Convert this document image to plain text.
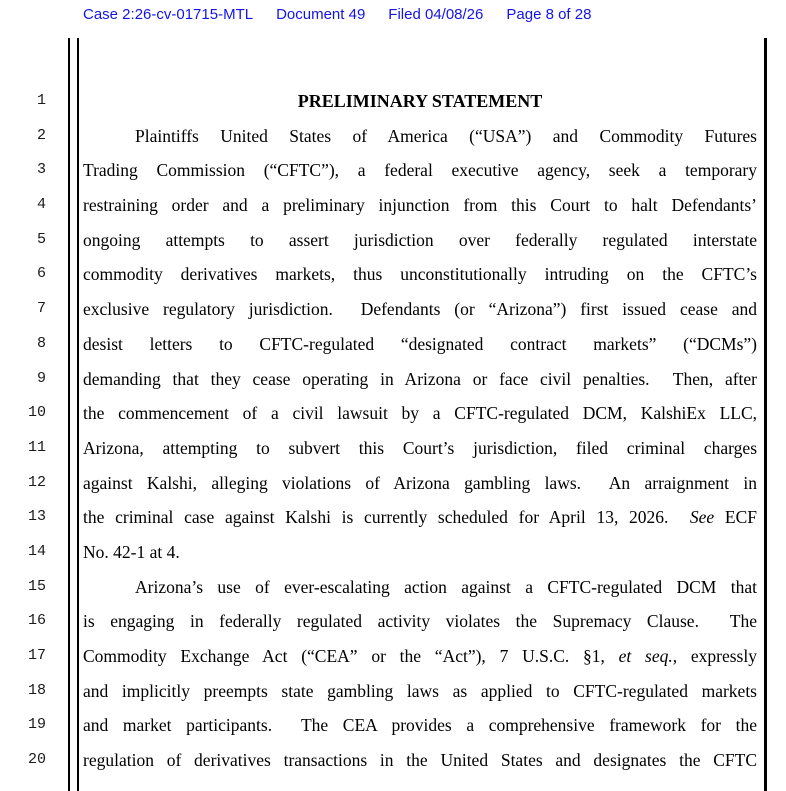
Case 2:26-cv-01715-MTL Document 49 Filed 04/08/26 Page 8 of 28
1
2
3
4
5
6
7
8
9
10
11
12
13
14
15
16
17
18
19
20
PRELIMINARY STATEMENT
Plaintiffs United States of America (“USA”) and Commodity Futures
Trading Commission (“CFTC”), a federal executive agency, seek a temporary
restraining order and a preliminary injunction from this Court to halt Defendants’
ongoing attempts to assert jurisdiction over federally regulated interstate
commodity derivatives markets, thus unconstitutionally intruding on the CFTC’s
exclusive regulatory jurisdiction.  Defendants (or “Arizona”) first issued cease and
desist letters to CFTC-regulated “designated contract markets” (“DCMs”)
demanding that they cease operating in Arizona or face civil penalties.  Then, after
the commencement of a civil lawsuit by a CFTC-regulated DCM, KalshiEx LLC,
Arizona, attempting to subvert this Court’s jurisdiction, filed criminal charges
against Kalshi, alleging violations of Arizona gambling laws.  An arraignment in
the criminal case against Kalshi is currently scheduled for April 13, 2026.  See ECF
No. 42-1 at 4.
Arizona’s use of ever-escalating action against a CFTC-regulated DCM that
is engaging in federally regulated activity violates the Supremacy Clause.  The
Commodity Exchange Act (“CEA” or the “Act”), 7 U.S.C. §1, et seq., expressly
and implicitly preempts state gambling laws as applied to CFTC-regulated markets
and market participants.  The CEA provides a comprehensive framework for the
regulation of derivatives transactions in the United States and designates the CFTC
